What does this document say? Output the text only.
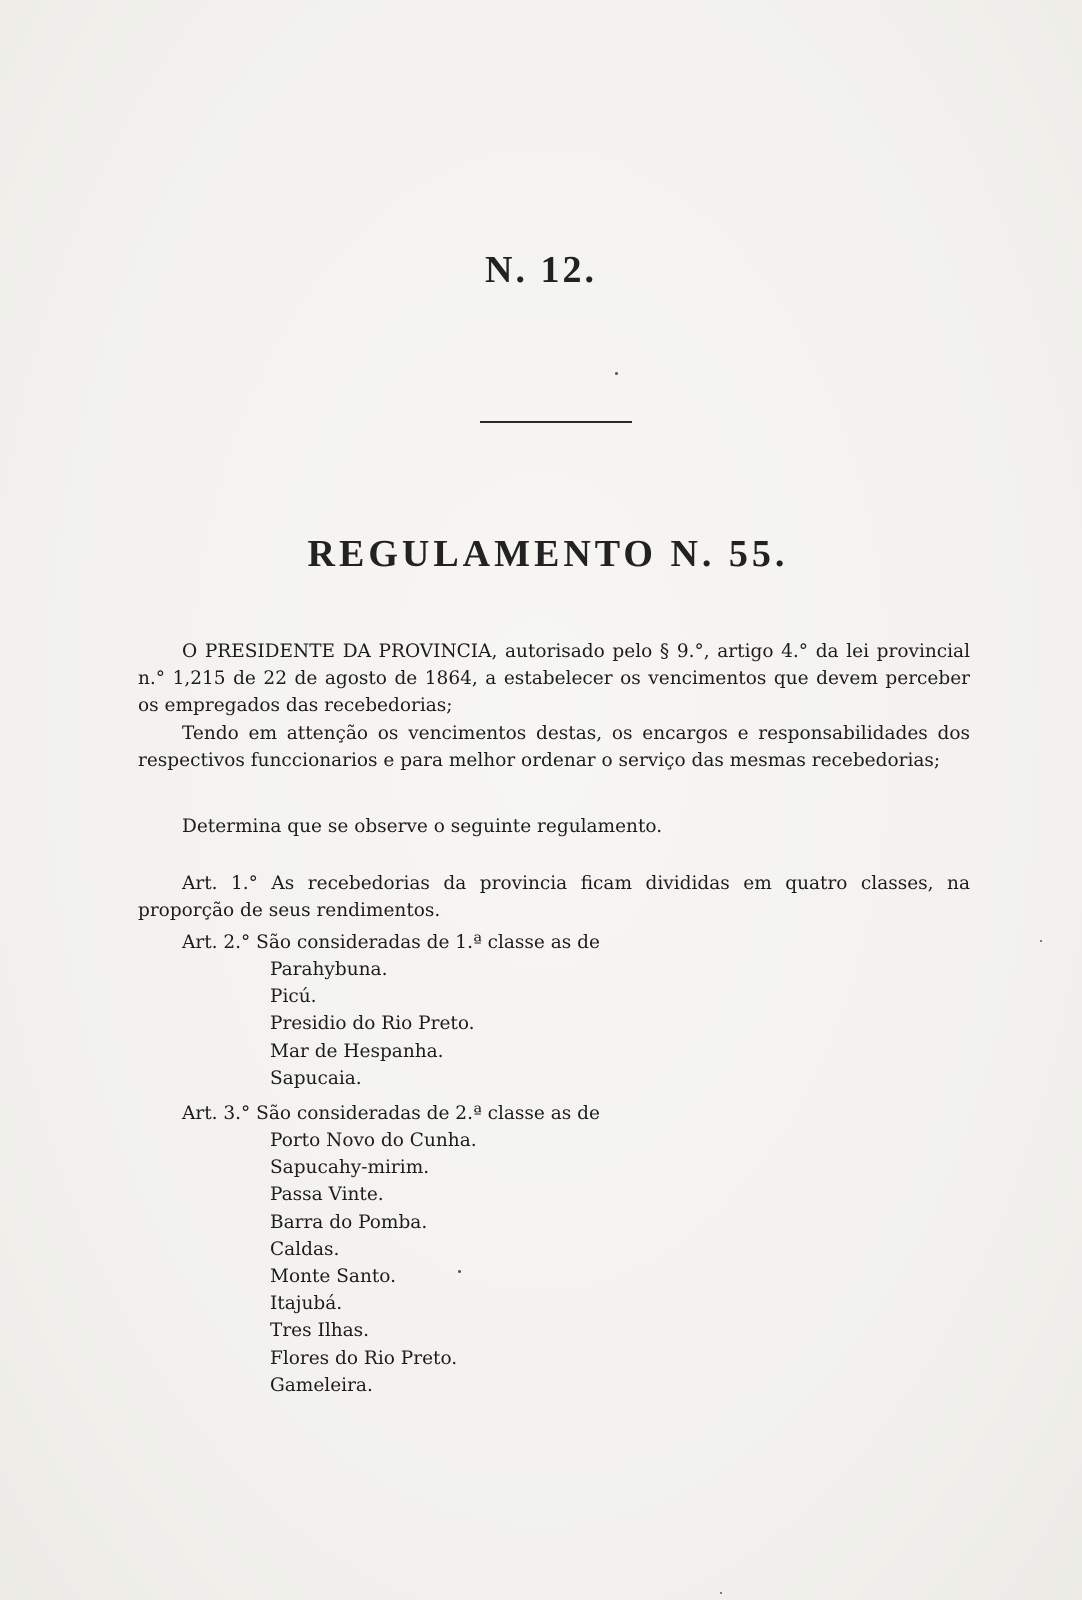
N. 12.
REGULAMENTO N. 55.

O PRESIDENTE DA PROVINCIA, autorisado pelo § 9.°, artigo 4.° da lei provincial n.° 1,215 de 22 de agosto de 1864, a estabelecer os vencimentos que devem perceber os empregados das recebedorias;

Tendo em attenção os vencimentos destas, os encargos e responsabilidades dos respectivos funccionarios e para melhor ordenar o serviço das mesmas recebedorias;

Determina que se observe o seguinte regulamento.

Art. 1.° As recebedorias da provincia ficam divididas em quatro classes, na proporção de seus rendimentos.

Art. 2.° São consideradas de 1.ª classe as de

Parahybuna.
Picú.
Presidio do Rio Preto.
Mar de Hespanha.
Sapucaia.

Art. 3.° São consideradas de 2.ª classe as de

Porto Novo do Cunha.
Sapucahy-mirim.
Passa Vinte.
Barra do Pomba.
Caldas.
Monte Santo.
Itajubá.
Tres Ilhas.
Flores do Rio Preto.
Gameleira.
